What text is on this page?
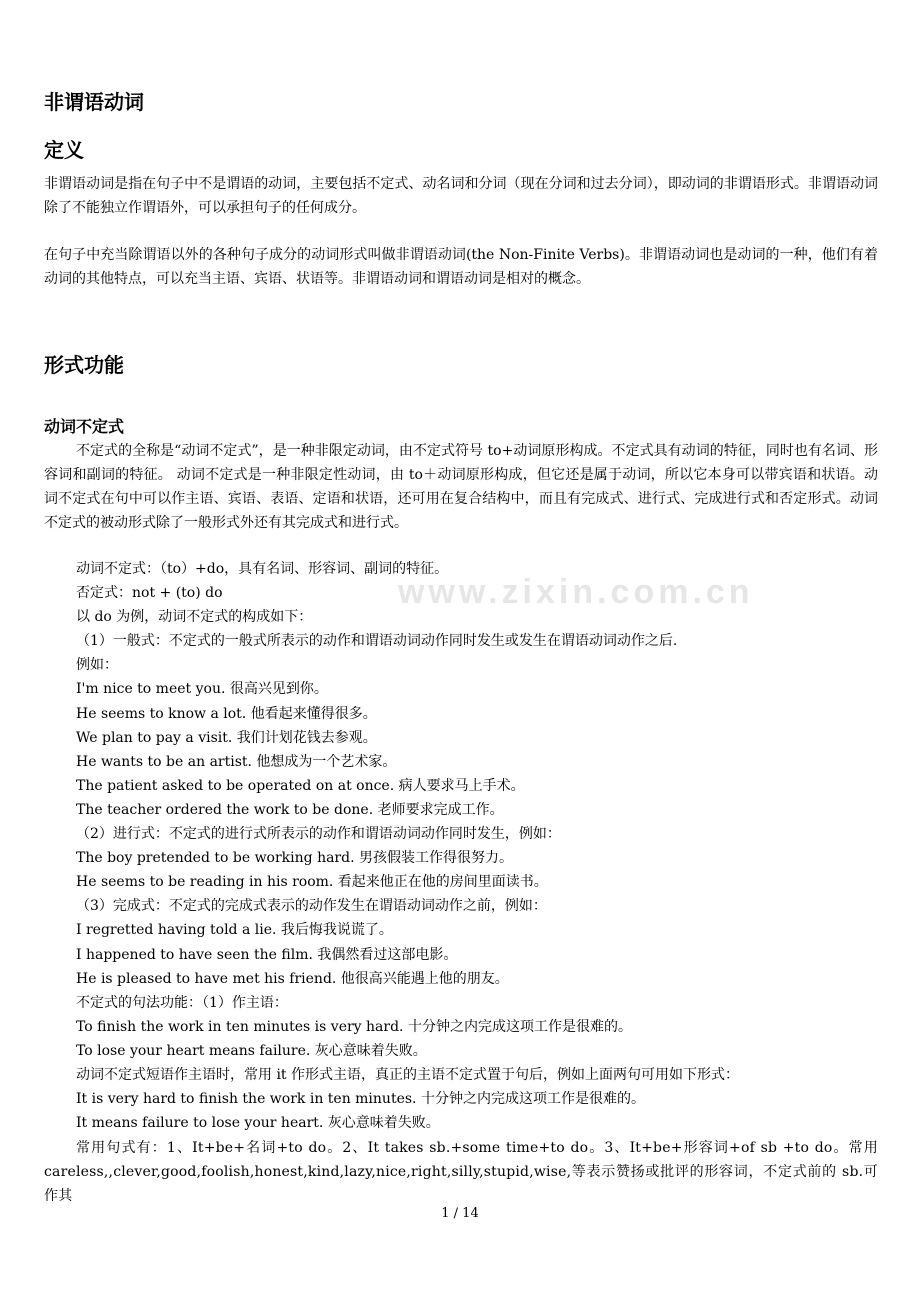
www.zixin.com.cn
非谓语动词
定义

非谓语动词是指在句子中不是谓语的动词，主要包括不定式、动名词和分词（现在分词和过去分词），即动词的非谓语形式。非谓语动词除了不能独立作谓语外，可以承担句子的任何成分。

在句子中充当除谓语以外的各种句子成分的动词形式叫做非谓语动词(the Non-Finite Verbs)。非谓语动词也是动词的一种，他们有着动词的其他特点，可以充当主语、宾语、状语等。非谓语动词和谓语动词是相对的概念。

形式功能
动词不定式

不定式的全称是“动词不定式”，是一种非限定动词，由不定式符号 to+动词原形构成。不定式具有动词的特征，同时也有名词、形容词和副词的特征。 动词不定式是一种非限定性动词，由 to＋动词原形构成，但它还是属于动词，所以它本身可以带宾语和状语。动词不定式在句中可以作主语、宾语、表语、定语和状语，还可用在复合结构中，而且有完成式、进行式、完成进行式和否定形式。动词不定式的被动形式除了一般形式外还有其完成式和进行式。

动词不定式：（to）+do，具有名词、形容词、副词的特征。
否定式：not + (to) do
以 do 为例，动词不定式的构成如下：
（1）一般式：不定式的一般式所表示的动作和谓语动词动作同时发生或发生在谓语动词动作之后.
例如：
I'm nice to meet you. 很高兴见到你。
He seems to know a lot. 他看起来懂得很多。
We plan to pay a visit. 我们计划花钱去参观。
He wants to be an artist. 他想成为一个艺术家。
The patient asked to be operated on at once. 病人要求马上手术。
The teacher ordered the work to be done. 老师要求完成工作。
（2）进行式：不定式的进行式所表示的动作和谓语动词动作同时发生，例如：
The boy pretended to be working hard. 男孩假装工作得很努力。
He seems to be reading in his room. 看起来他正在他的房间里面读书。
（3）完成式：不定式的完成式表示的动作发生在谓语动词动作之前，例如：
I regretted having told a lie. 我后悔我说谎了。
I happened to have seen the film. 我偶然看过这部电影。
He is pleased to have met his friend. 他很高兴能遇上他的朋友。
不定式的句法功能：（1）作主语：
To finish the work in ten minutes is very hard. 十分钟之内完成这项工作是很难的。
To lose your heart means failure. 灰心意味着失败。
动词不定式短语作主语时，常用 it 作形式主语，真正的主语不定式置于句后，例如上面两句可用如下形式：
It is very hard to finish the work in ten minutes. 十分钟之内完成这项工作是很难的。
It means failure to lose your heart. 灰心意味着失败。

常用句式有：1、It+be+名词+to do。2、It takes sb.+some time+to do。3、It+be+形容词+of sb +to do。常用 careless,,clever,good,foolish,honest,kind,lazy,nice,right,silly,stupid,wise,等表示赞扬或批评的形容词，不定式前的 sb.可作其

1 / 14
